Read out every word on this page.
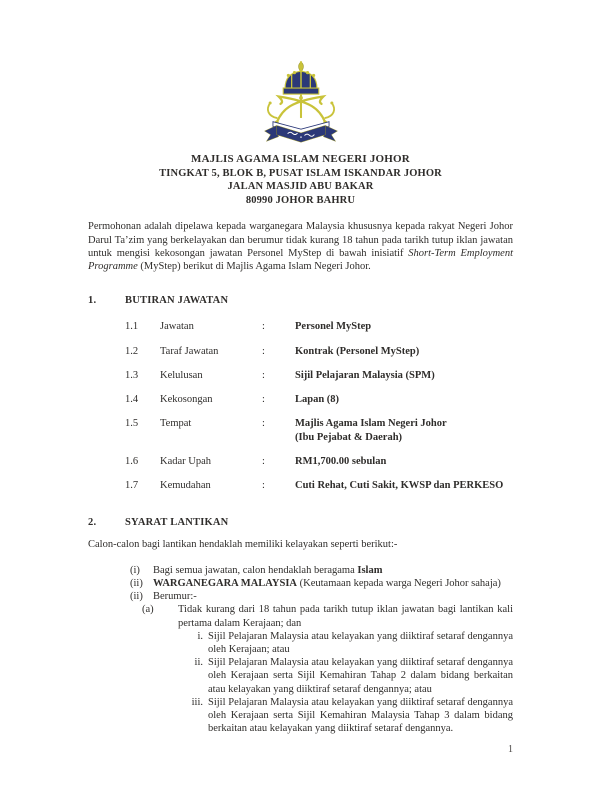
MAJLIS AGAMA ISLAM NEGERI JOHOR
TINGKAT 5, BLOK B, PUSAT ISLAM ISKANDAR JOHOR
JALAN MASJID ABU BAKAR
80990 JOHOR BAHRU

Permohonan adalah dipelawa kepada warganegara Malaysia khususnya kepada rakyat Negeri Johor Darul Ta’zim yang berkelayakan dan berumur tidak kurang 18 tahun pada tarikh tutup iklan jawatan untuk mengisi kekosongan jawatan Personel MyStep di bawah inisiatif Short-Term Employment Programme (MyStep) berikut di Majlis Agama Islam Negeri Johor.

1.	BUTIRAN JAWATAN
1.1	Jawatan	:	Personel MyStep
1.2	Taraf Jawatan	:	Kontrak (Personel MyStep)
1.3	Kelulusan	:	Sijil Pelajaran Malaysia (SPM)
1.4	Kekosongan	:	Lapan (8)
1.5	Tempat	:	Majlis Agama Islam Negeri Johor
(Ibu Pejabat & Daerah)
1.6	Kadar Upah	:	RM1,700.00 sebulan
1.7	Kemudahan	:	Cuti Rehat, Cuti Sakit, KWSP dan PERKESO
2.	SYARAT LANTIKAN

Calon-calon bagi lantikan hendaklah memiliki kelayakan seperti berikut:-

(i)	Bagi semua jawatan, calon hendaklah beragama Islam
(ii) WARGANEGARA MALAYSIA (Keutamaan kepada warga Negeri Johor sahaja)
(ii) Berumur:-
(a)	Tidak kurang dari 18 tahun pada tarikh tutup iklan jawatan bagi lantikan kali pertama dalam Kerajaan; dan
i. Sijil Pelajaran Malaysia atau kelayakan yang diiktiraf setaraf dengannya oleh Kerajaan; atau
ii. Sijil Pelajaran Malaysia atau kelayakan yang diiktiraf setaraf dengannya oleh Kerajaan serta Sijil Kemahiran Tahap 2 dalam bidang berkaitan atau kelayakan yang diiktiraf setaraf dengannya; atau
iii. Sijil Pelajaran Malaysia atau kelayakan yang diiktiraf setaraf dengannya oleh Kerajaan serta Sijil Kemahiran Malaysia Tahap 3 dalam bidang berkaitan atau kelayakan yang diiktiraf setaraf dengannya.
1
